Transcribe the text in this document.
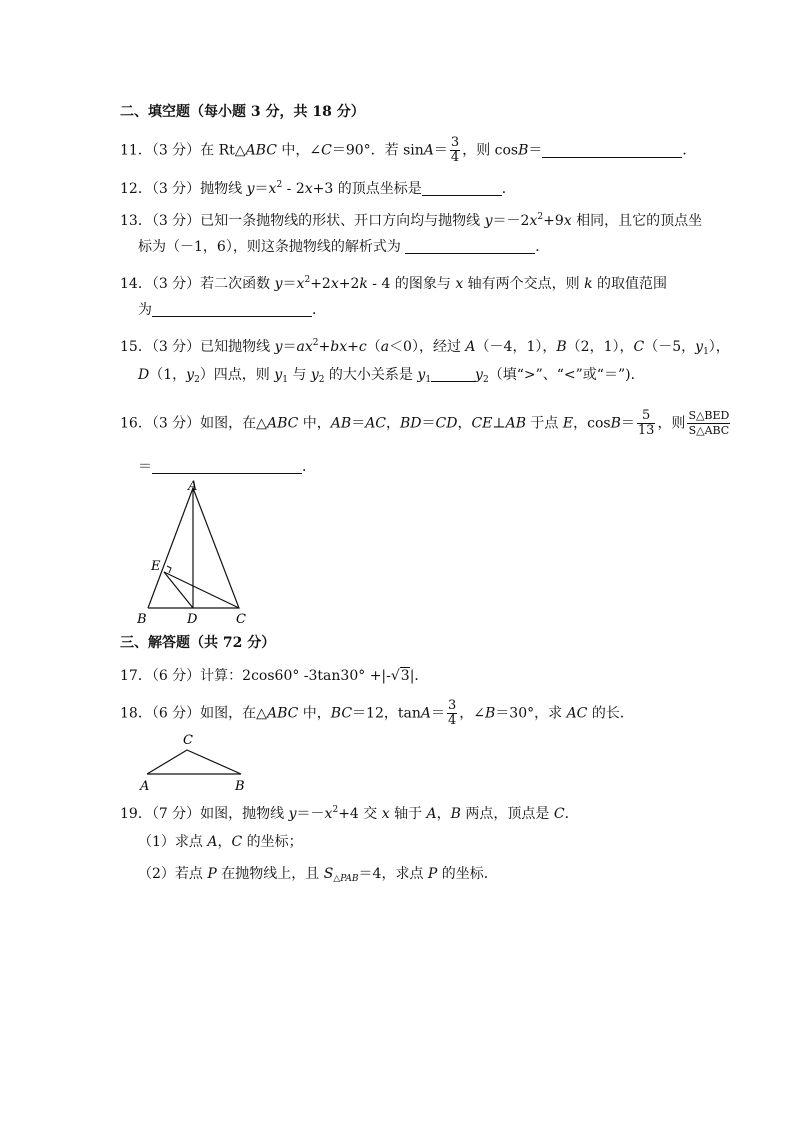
二、填空题（每小题 3 分，共 18 分）
11．（3 分）在 Rt△ABC 中，∠C＝90°．若 $\sin A= \frac{3}{4}$ ，则 cosB＝	．
12．（3 分）抛物线 $y=x^2 - 2x+3$ 的顶点坐标是	．
13．（3 分）已知一条抛物线的形状、开口方向均与抛物线 $y=-2x^2+9x$ 相同，且它的顶点坐
标为（－1，6），则这条抛物线的解析式为	．
14．（3 分）若二次函数 $y=x^2+2x+2k - 4$ 的图象与 x 轴有两个交点，则 k 的取值范围
为	．
15．（3 分）已知抛物线 $y=ax^2+bx+c(a<0)$，经过 A（－4，1），B（2，1），C（－5，$y_1$），
D（1，$y_2$）四点，则 $y_1$ 与 $y_2$ 的大小关系是 $y_1$	$y_2$（填“>”、“<”或“＝”)．
16．（3 分）如图，在△ABC 中，AB＝AC，BD＝CD，CE⊥AB 于点 E，$\cos B= \frac{5}{13}$ ，则 $\frac{\text{S△BED}}{\text{S△ABC}}$
＝	．
A
B	C
D
E
三、解答题（共 72 分）
17．（6 分）计算：2cos60° -3tan30° +|-√3|．
18．（6 分）如图，在△ABC 中，BC＝12，$\tan A= \frac{3}{4}$ ，∠B＝30°，求 AC 的长．
C
A	B
19．（7 分）如图，抛物线 $y=-x^2+4$ 交 x 轴于 A，B 两点，顶点是 C．
（1）求点 A，C 的坐标；
（2）若点 P 在抛物线上，且 $S_{\triangle PAB}=4$，求点 P 的坐标．
